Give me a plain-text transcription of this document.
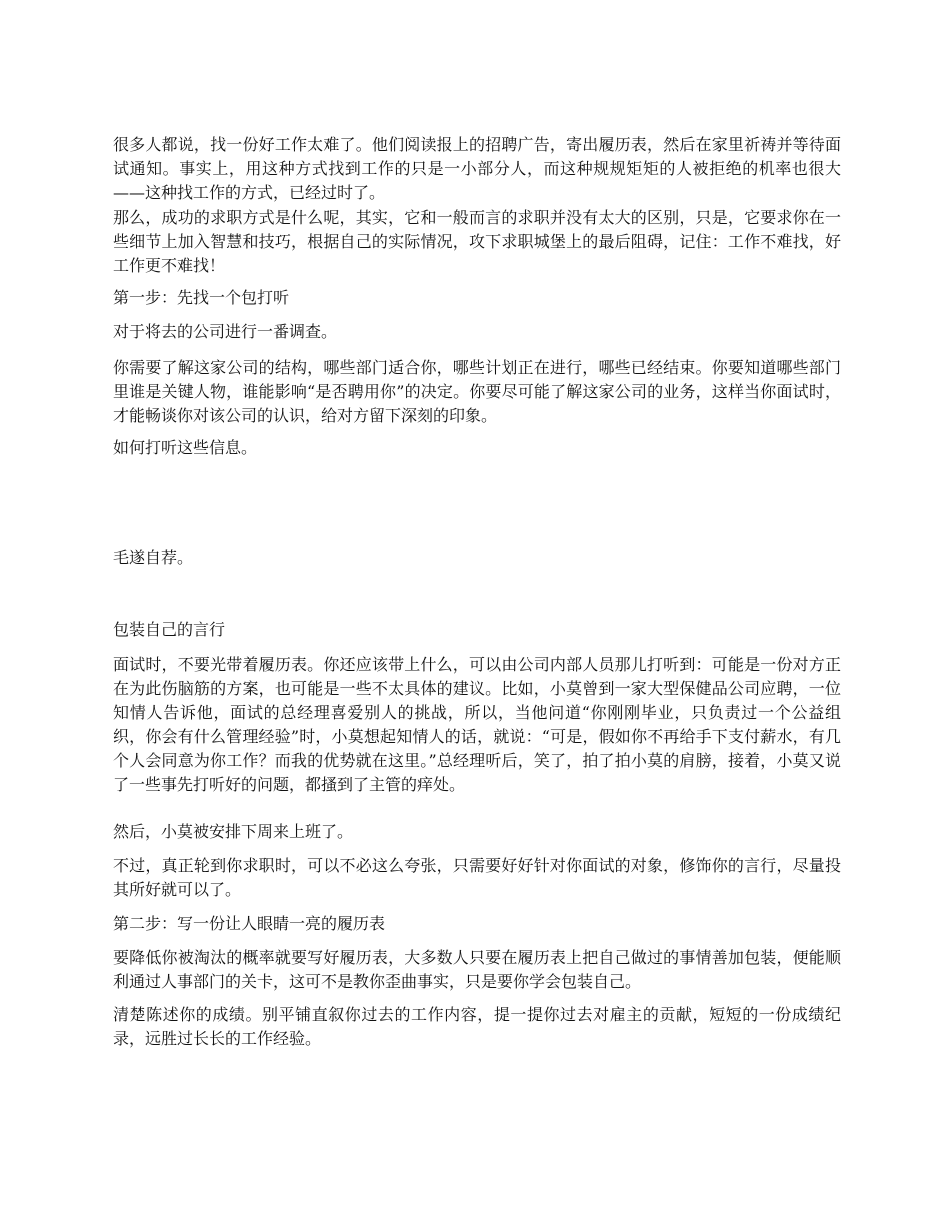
很多人都说，找一份好工作太难了。他们阅读报上的招聘广告，寄出履历表，然后在家里祈祷并等待面试通知。事实上，用这种方式找到工作的只是一小部分人，而这种规规矩矩的人被拒绝的机率也很大——这种找工作的方式，已经过时了。

那么，成功的求职方式是什么呢，其实，它和一般而言的求职并没有太大的区别，只是，它要求你在一些细节上加入智慧和技巧，根据自己的实际情况，攻下求职城堡上的最后阻碍，记住：工作不难找，好工作更不难找！

第一步：先找一个包打听

对于将去的公司进行一番调查。

你需要了解这家公司的结构，哪些部门适合你，哪些计划正在进行，哪些已经结束。你要知道哪些部门里谁是关键人物，谁能影响“是否聘用你”的决定。你要尽可能了解这家公司的业务，这样当你面试时，才能畅谈你对该公司的认识，给对方留下深刻的印象。

如何打听这些信息。

毛遂自荐。

包装自己的言行

面试时，不要光带着履历表。你还应该带上什么，可以由公司内部人员那儿打听到：可能是一份对方正在为此伤脑筋的方案，也可能是一些不太具体的建议。比如，小莫曾到一家大型保健品公司应聘，一位知情人告诉他，面试的总经理喜爱别人的挑战，所以，当他问道“你刚刚毕业，只负责过一个公益组织，你会有什么管理经验”时，小莫想起知情人的话，就说：“可是，假如你不再给手下支付薪水，有几个人会同意为你工作？而我的优势就在这里。”总经理听后，笑了，拍了拍小莫的肩膀，接着，小莫又说了一些事先打听好的问题，都搔到了主管的痒处。

然后，小莫被安排下周来上班了。

不过，真正轮到你求职时，可以不必这么夸张，只需要好好针对你面试的对象，修饰你的言行，尽量投其所好就可以了。

第二步：写一份让人眼睛一亮的履历表

要降低你被淘汰的概率就要写好履历表，大多数人只要在履历表上把自己做过的事情善加包装，便能顺利通过人事部门的关卡，这可不是教你歪曲事实，只是要你学会包装自己。

清楚陈述你的成绩。别平铺直叙你过去的工作内容，提一提你过去对雇主的贡献，短短的一份成绩纪录，远胜过长长的工作经验。
